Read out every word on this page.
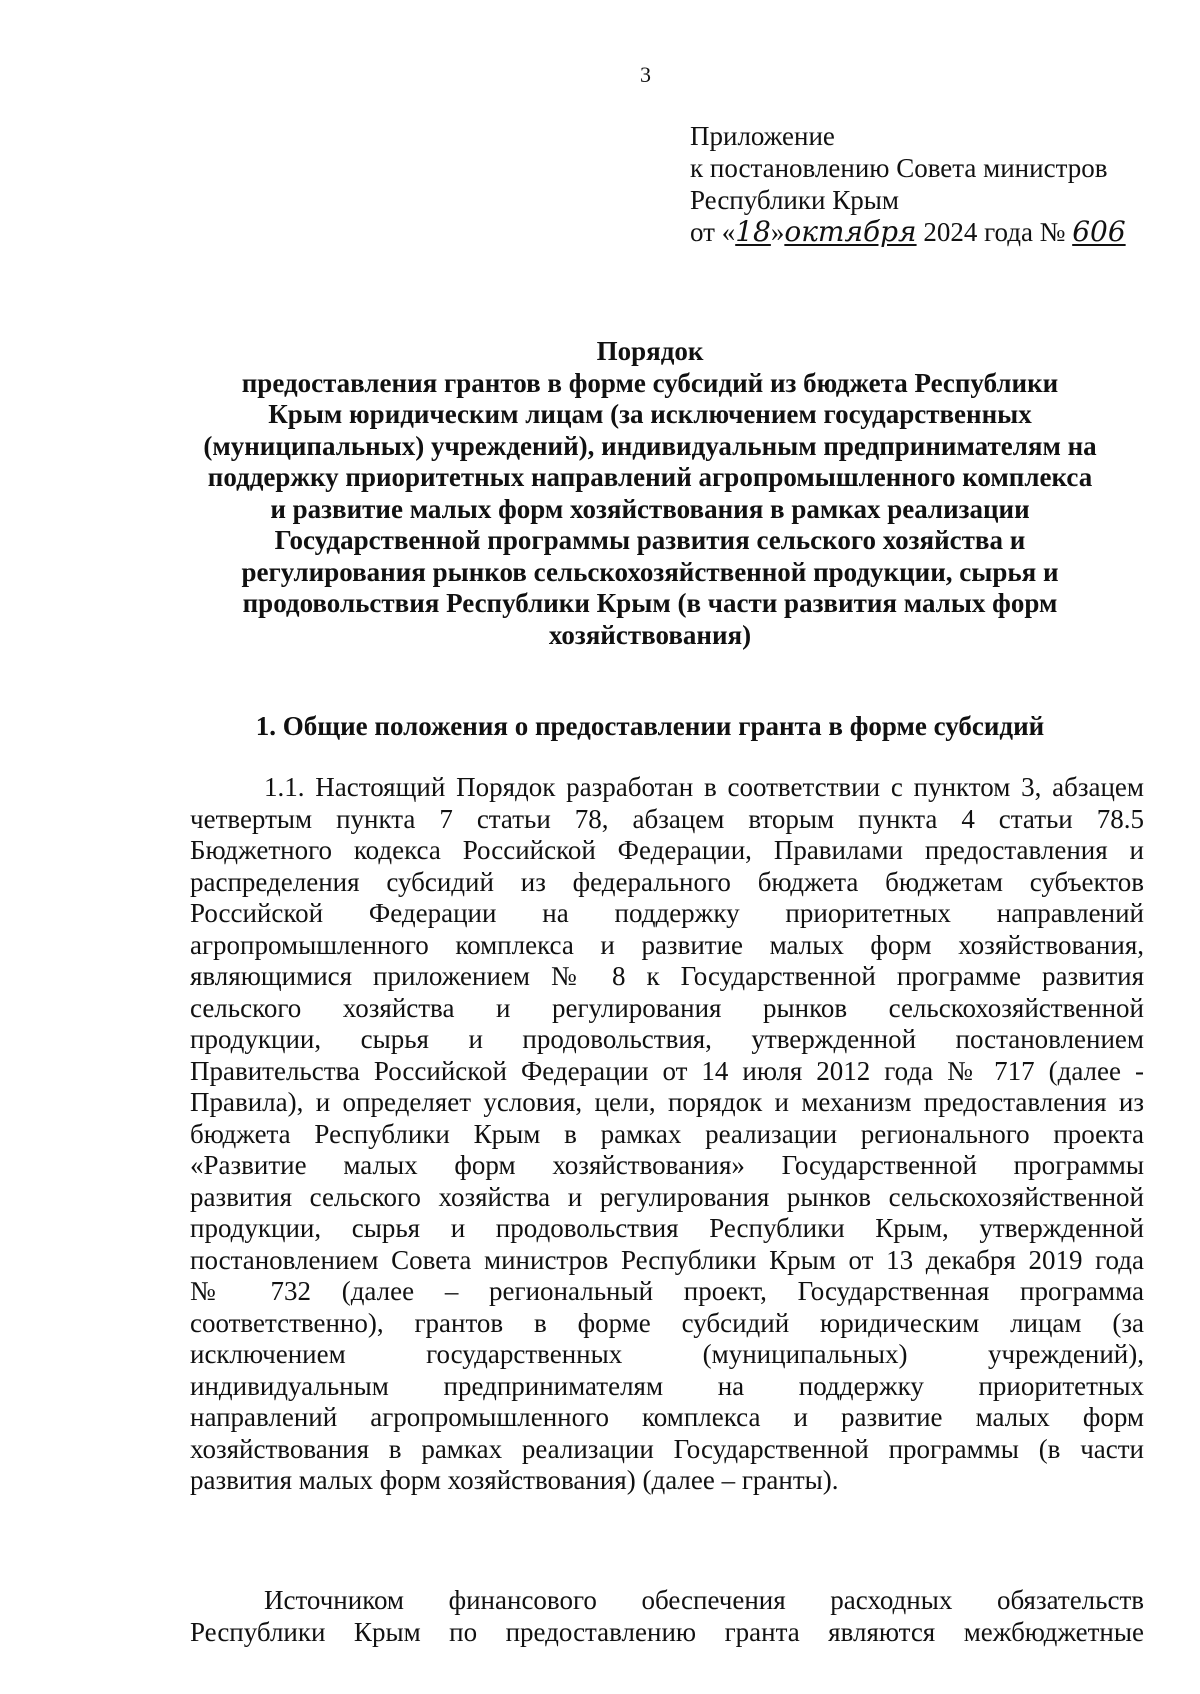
3
Приложение
к постановлению Совета министров
Республики Крым
от «18»октября 2024 года № 606
Порядок
предоставления грантов в форме субсидий из бюджета Республики
Крым юридическим лицам (за исключением государственных
(муниципальных) учреждений), индивидуальным предпринимателям на
поддержку приоритетных направлений агропромышленного комплекса
и развитие малых форм хозяйствования в рамках реализации
Государственной программы развития сельского хозяйства и
регулирования рынков сельскохозяйственной продукции, сырья и
продовольствия Республики Крым (в части развития малых форм
хозяйствования)
1. Общие положения о предоставлении гранта в форме субсидий
1.1. Настоящий Порядок разработан в соответствии с пунктом 3, абзацем
четвертым пункта 7 статьи 78, абзацем вторым пункта 4 статьи 78.5
Бюджетного кодекса Российской Федерации, Правилами предоставления и
распределения субсидий из федерального бюджета бюджетам субъектов
Российской Федерации на поддержку приоритетных направлений
агропромышленного комплекса и развитие малых форм хозяйствования,
являющимися приложением № 8 к Государственной программе развития
сельского хозяйства и регулирования рынков сельскохозяйственной
продукции, сырья и продовольствия, утвержденной постановлением
Правительства Российской Федерации от 14 июля 2012 года № 717 (далее -
Правила), и определяет условия, цели, порядок и механизм предоставления из
бюджета Республики Крым в рамках реализации регионального проекта
«Развитие малых форм хозяйствования» Государственной программы
развития сельского хозяйства и регулирования рынков сельскохозяйственной
продукции, сырья и продовольствия Республики Крым, утвержденной
постановлением Совета министров Республики Крым от 13 декабря 2019 года
№ 732 (далее – региональный проект, Государственная программа
соответственно), грантов в форме субсидий юридическим лицам (за
исключением государственных (муниципальных) учреждений),
индивидуальным предпринимателям на поддержку приоритетных
направлений агропромышленного комплекса и развитие малых форм
хозяйствования в рамках реализации Государственной программы (в части
развития малых форм хозяйствования) (далее – гранты).
Источником финансового обеспечения расходных обязательств
Республики Крым по предоставлению гранта являются межбюджетные
